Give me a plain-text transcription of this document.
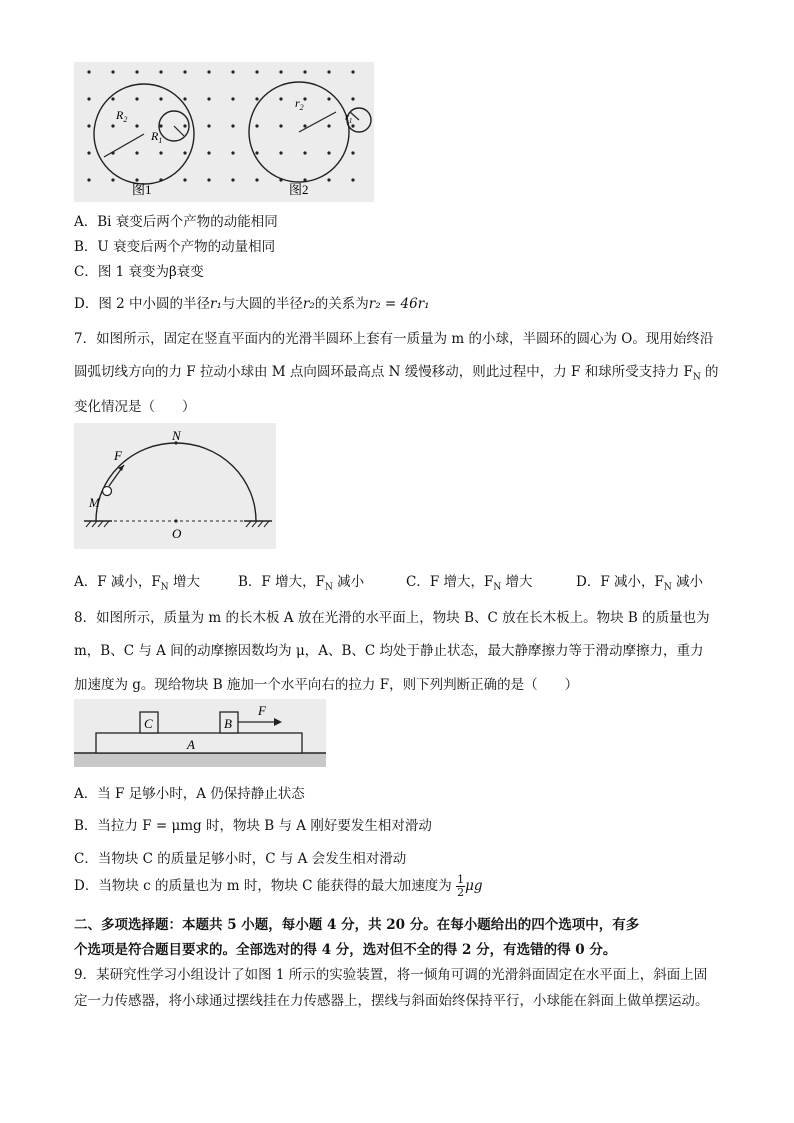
$R_2$
$R_1$
$r_2$
$r_1$
图1	图2
A．Bi 衰变后两个产物的动能相同
B．U 衰变后两个产物的动量相同
C．图 1 衰变为β衰变
D．图 2 中小圆的半径r₁与大圆的半径r₂的关系为r₂ = 46r₁
7．如图所示，固定在竖直平面内的光滑半圆环上套有一质量为 m 的小球，半圆环的圆心为 O。现用始终沿
圆弧切线方向的力 F 拉动小球由 M 点向圆环最高点 N 缓慢移动，则此过程中，力 F 和球所受支持力 $F_N$ 的
变化情况是（　　）
N
F
M
O
A．F 减小，$F_N$ 增大	B．F 增大，$F_N$ 减小	C．F 增大，$F_N$ 增大	D．F 减小，$F_N$ 减小
8．如图所示，质量为 m 的长木板 A 放在光滑的水平面上，物块 B、C 放在长木板上。物块 B 的质量也为
m，B、C 与 A 间的动摩擦因数均为 μ，A、B、C 均处于静止状态，最大静摩擦力等于滑动摩擦力，重力
加速度为 g。现给物块 B 施加一个水平向右的拉力 F，则下列判断正确的是（　　）
C	B
A
F
A．当 F 足够小时，A 仍保持静止状态
B．当拉力 F = μmg 时，物块 B 与 A 刚好要发生相对滑动
C．当物块 C 的质量足够小时，C 与 A 会发生相对滑动
D．当物块 c 的质量也为 m 时，物块 C 能获得的最大加速度为 $\frac{1}{2}$ μg
二、多项选择题：本题共 5 小题，每小题 4 分，共 20 分。在每小题给出的四个选项中，有多
个选项是符合题目要求的。全部选对的得 4 分，选对但不全的得 2 分，有选错的得 0 分。
9．某研究性学习小组设计了如图 1 所示的实验装置，将一倾角可调的光滑斜面固定在水平面上，斜面上固
定一力传感器，将小球通过摆线挂在力传感器上，摆线与斜面始终保持平行，小球能在斜面上做单摆运动。
